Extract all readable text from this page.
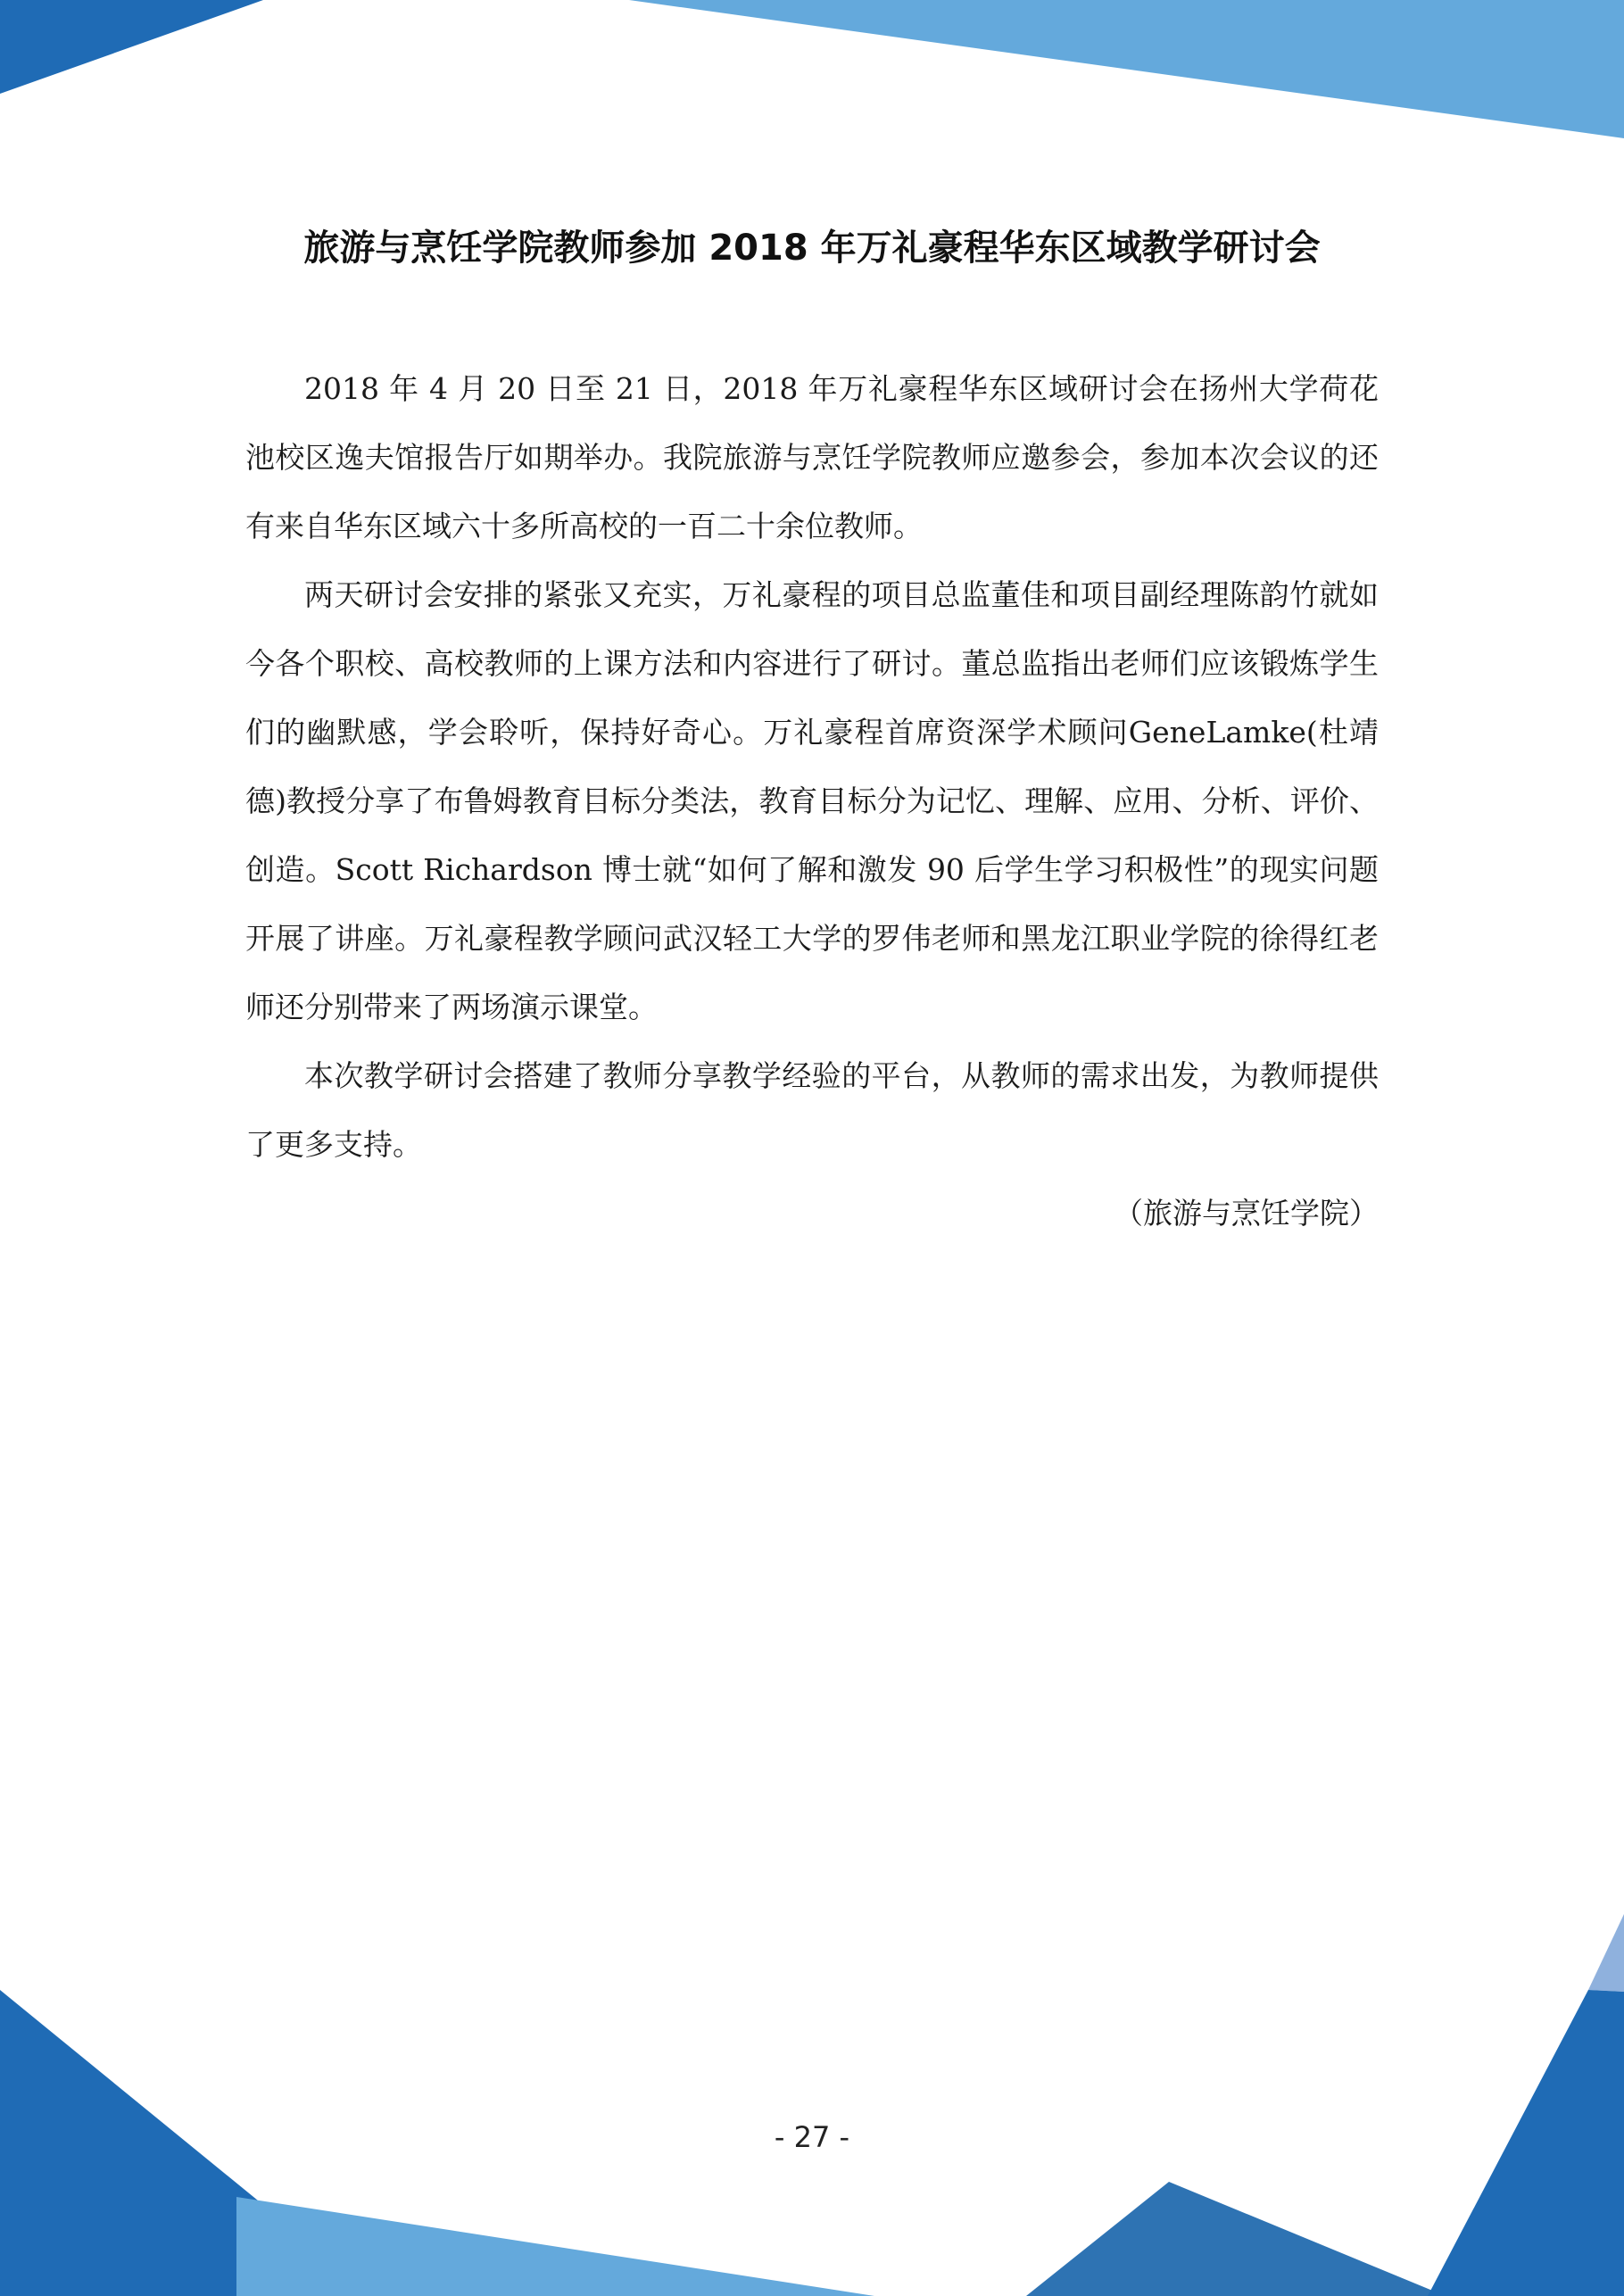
旅游与烹饪学院教师参加 2018 年万礼豪程华东区域教学研讨会

2018 年 4 月 20 日至 21 日，2018 年万礼豪程华东区域研讨会在扬州大学荷花池校区逸夫馆报告厅如期举办。我院旅游与烹饪学院教师应邀参会，参加本次会议的还有来自华东区域六十多所高校的一百二十余位教师。

两天研讨会安排的紧张又充实，万礼豪程的项目总监董佳和项目副经理陈韵竹就如今各个职校、高校教师的上课方法和内容进行了研讨。董总监指出老师们应该锻炼学生们的幽默感，学会聆听，保持好奇心。万礼豪程首席资深学术顾问GeneLamke(杜靖德)教授分享了布鲁姆教育目标分类法，教育目标分为记忆、理解、应用、分析、评价、创造。Scott Richardson 博士就“如何了解和激发 90 后学生学习积极性”的现实问题开展了讲座。万礼豪程教学顾问武汉轻工大学的罗伟老师和黑龙江职业学院的徐得红老师还分别带来了两场演示课堂。

本次教学研讨会搭建了教师分享教学经验的平台，从教师的需求出发，为教师提供了更多支持。

（旅游与烹饪学院）

- 27 -
